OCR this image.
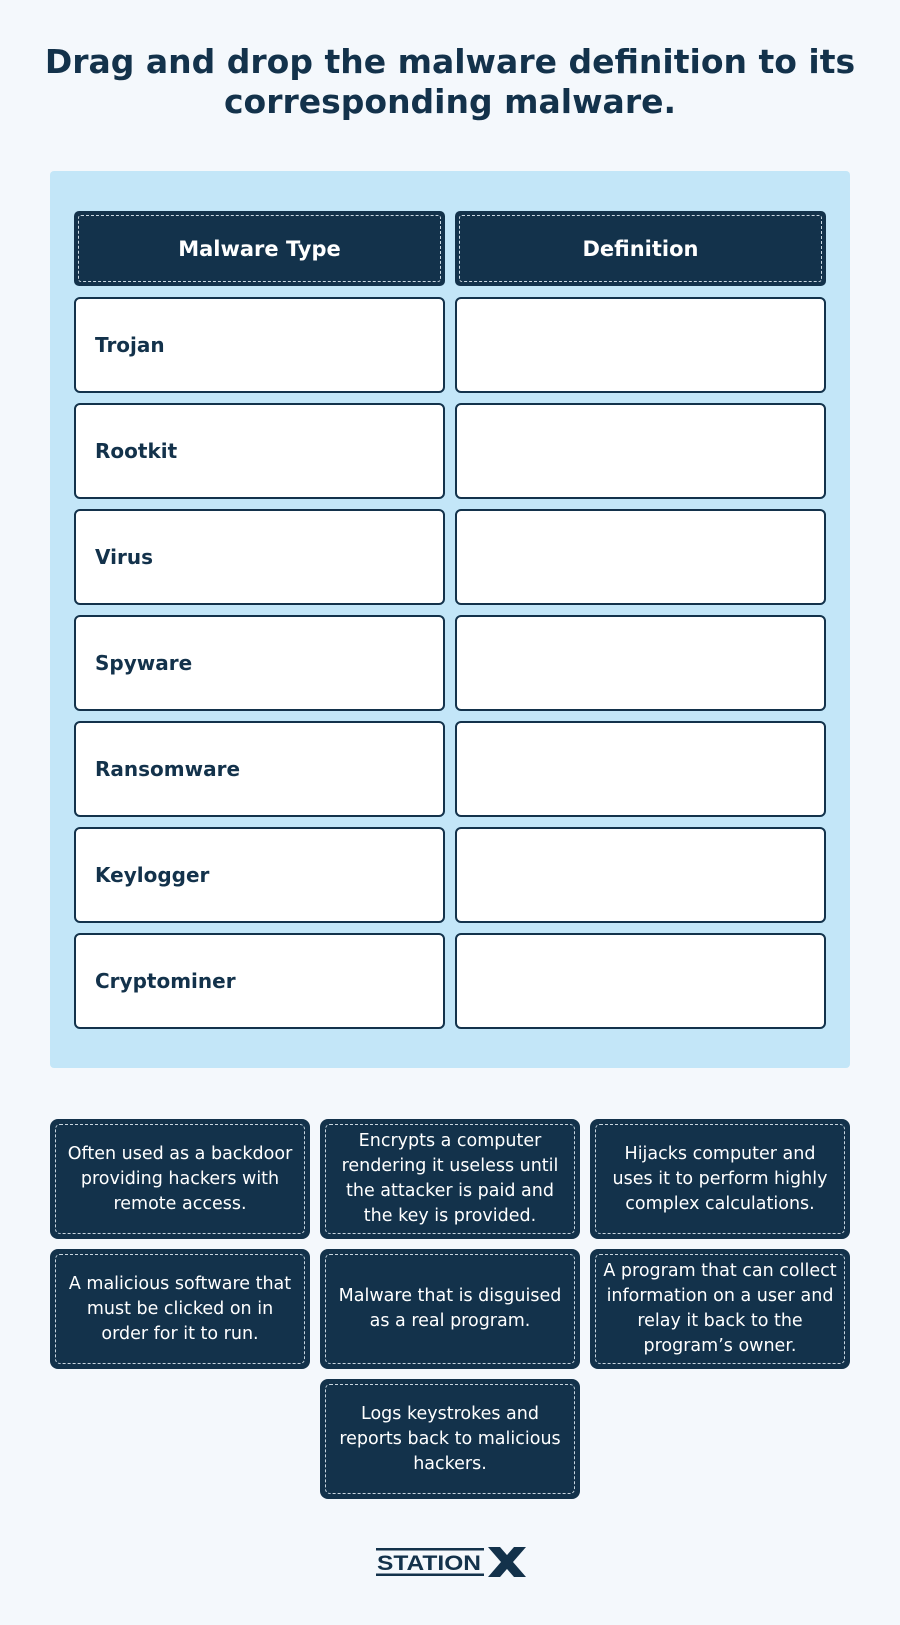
Drag and drop the malware definition to its corresponding malware.
Malware Type	Definition
Trojan
Rootkit
Virus
Spyware
Ransomware
Keylogger
Cryptominer
Often used as a backdoor providing hackers with remote access.
Encrypts a computer rendering it useless until the attacker is paid and the key is provided.
Hijacks computer and uses it to perform highly complex calculations.
A malicious software that must be clicked on in order for it to run.
Malware that is disguised as a real program.
A program that can collect information on a user and relay it back to the program’s owner.
Logs keystrokes and reports back to malicious hackers.
STATION
